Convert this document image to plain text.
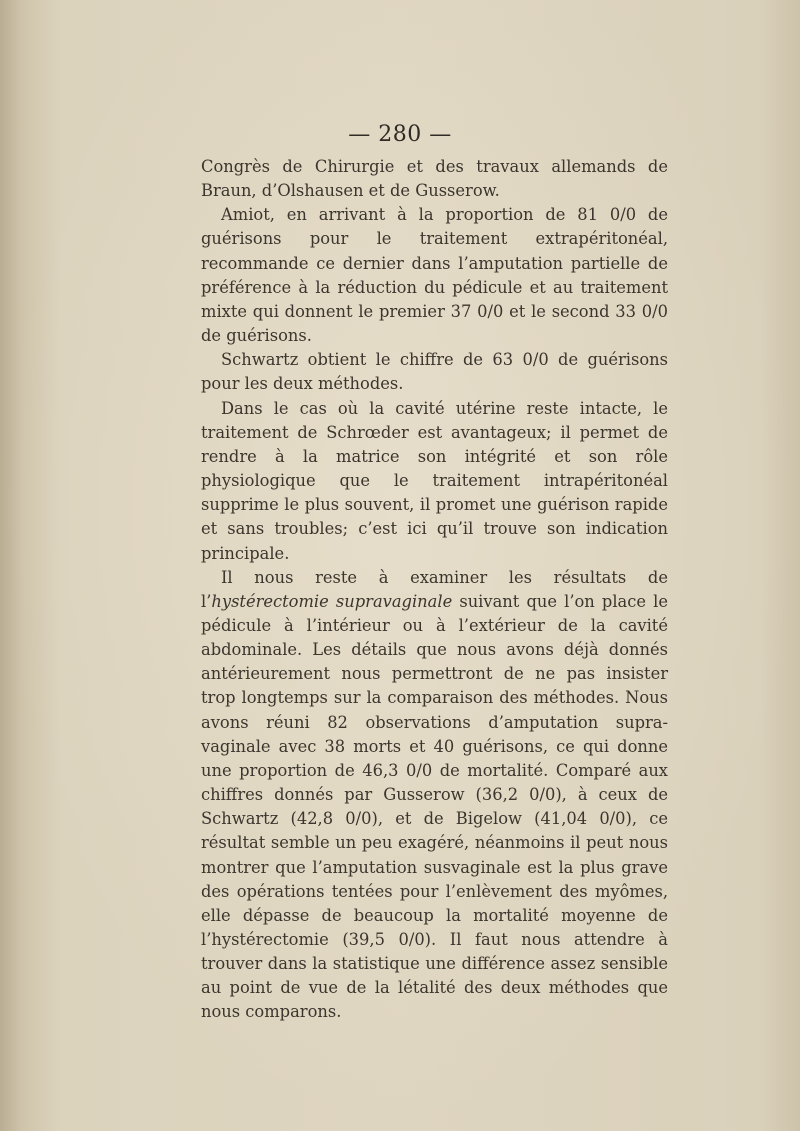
— 280 —

Congrès de Chirurgie et des travaux allemands de Braun, d’Olshausen et de Gusserow.

Amiot, en arrivant à la proportion de 81 0/0 de guérisons pour le traitement extrapéritonéal, recommande ce dernier dans l’amputation partielle de préférence à la réduction du pédicule et au traitement mixte qui donnent le premier 37 0/0 et le second 33 0/0 de guérisons.

Schwartz obtient le chiffre de 63 0/0 de guérisons pour les deux méthodes.

Dans le cas où la cavité utérine reste intacte, le traitement de Schrœder est avantageux; il permet de rendre à la matrice son intégrité et son rôle physiologique que le traitement intrapéritonéal supprime le plus souvent, il promet une guérison rapide et sans troubles; c’est ici qu’il trouve son indication principale.

Il nous reste à examiner les résultats de l’hystérectomie supravaginale suivant que l’on place le pédicule à l’intérieur ou à l’extérieur de la cavité abdominale. Les détails que nous avons déjà donnés antérieurement nous permettront de ne pas insister trop longtemps sur la comparaison des méthodes. Nous avons réuni 82 observations d’amputation supra-vaginale avec 38 morts et 40 guérisons, ce qui donne une proportion de 46,3 0/0 de mortalité. Comparé aux chiffres donnés par Gusserow (36,2 0/0), à ceux de Schwartz (42,8 0/0), et de Bigelow (41,04 0/0), ce résultat semble un peu exagéré, néanmoins il peut nous montrer que l’amputation susvaginale est la plus grave des opérations tentées pour l’enlèvement des myômes, elle dépasse de beaucoup la mortalité moyenne de l’hystérectomie (39,5 0/0). Il faut nous attendre à trouver dans la statistique une différence assez sensible au point de vue de la létalité des deux méthodes que nous comparons.
